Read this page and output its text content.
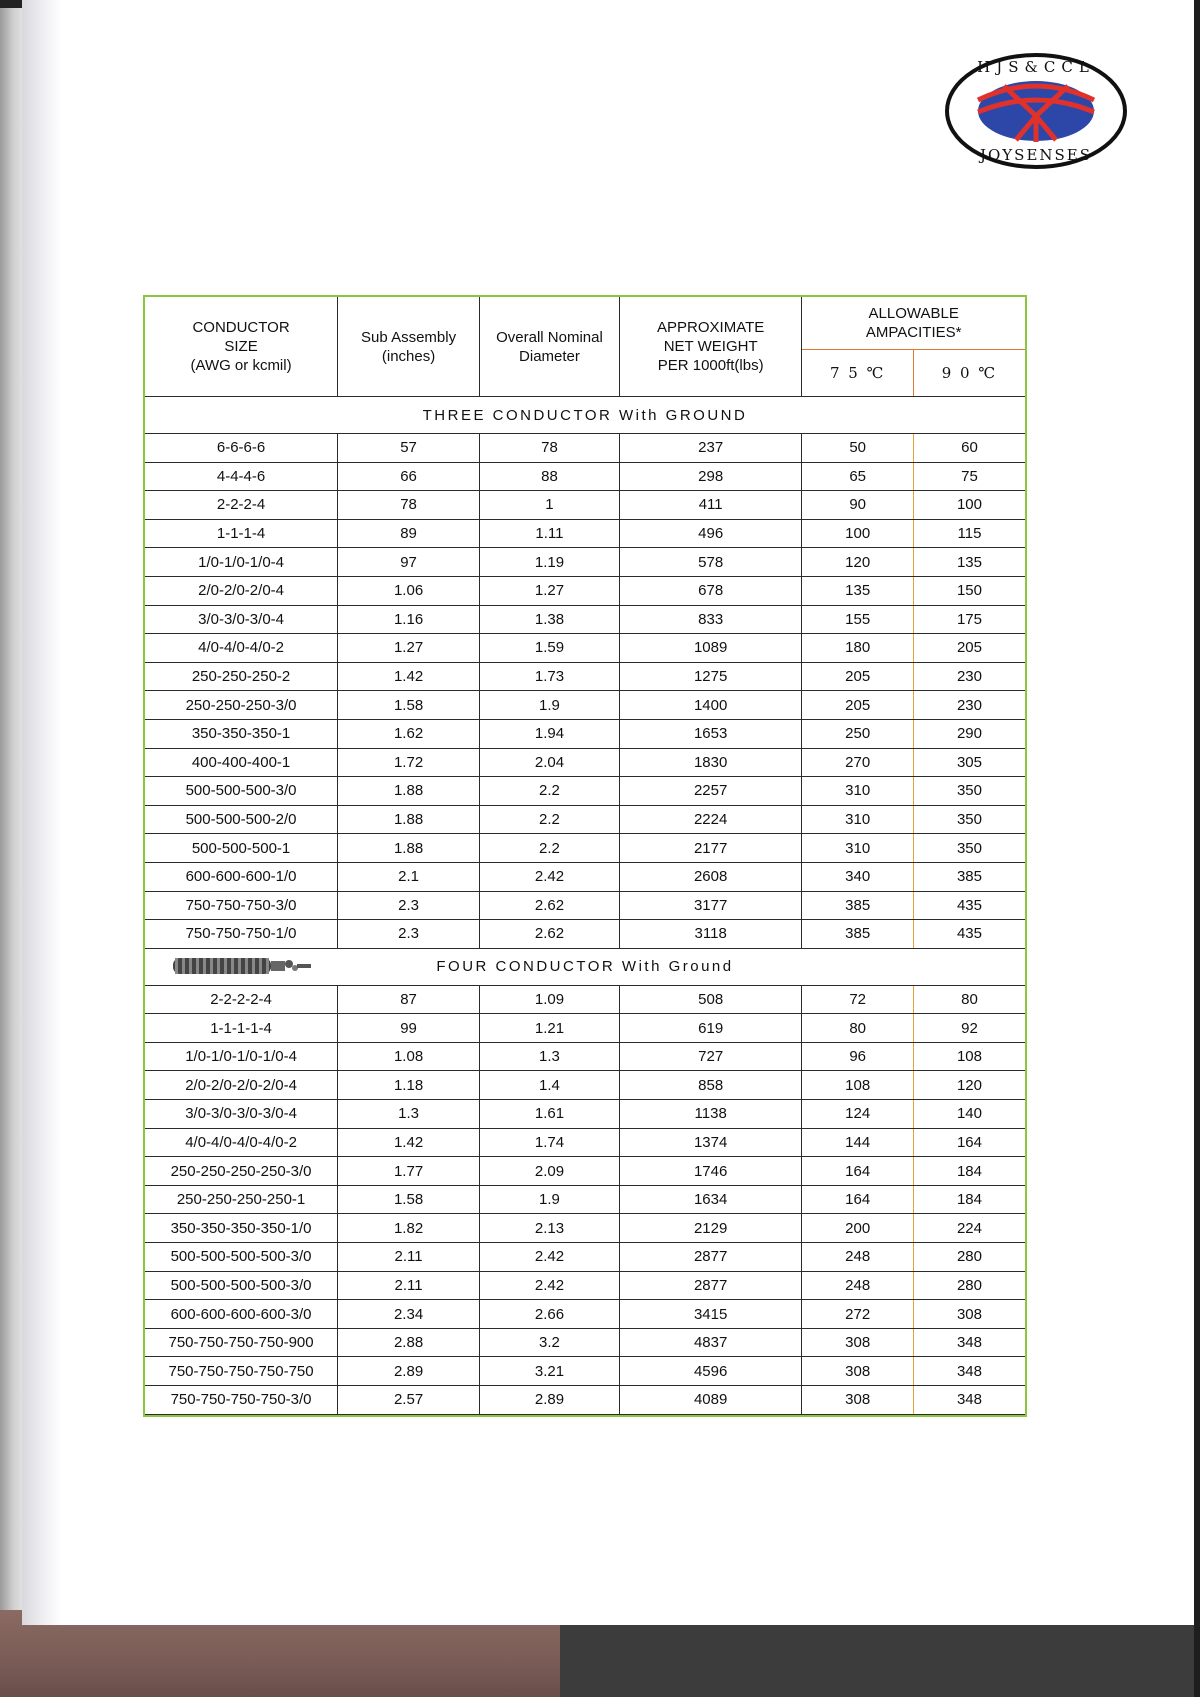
HJS&CCL
JOYSENSES
CONDUCTOR
SIZE
(AWG or kcmil)

Sub Assembly
(inches)

Overall Nominal
Diameter

APPROXIMATE
NET WEIGHT
PER 1000ft(lbs)

ALLOWABLE
AMPACITIES*

				7 5 ℃	9 0 ℃
THREE CONDUCTOR With GROUND					
6-6-6-6	57	78	237	50	60
4-4-4-6	66	88	298	65	75
2-2-2-4	78	1	411	90	100
1-1-1-4	89	1.11	496	100	115
1/0-1/0-1/0-4	97	1.19	578	120	135
2/0-2/0-2/0-4	1.06	1.27	678	135	150
3/0-3/0-3/0-4	1.16	1.38	833	155	175
4/0-4/0-4/0-2	1.27	1.59	1089	180	205
250-250-250-2	1.42	1.73	1275	205	230
250-250-250-3/0	1.58	1.9	1400	205	230
350-350-350-1	1.62	1.94	1653	250	290
400-400-400-1	1.72	2.04	1830	270	305
500-500-500-3/0	1.88	2.2	2257	310	350
500-500-500-2/0	1.88	2.2	2224	310	350
500-500-500-1	1.88	2.2	2177	310	350
600-600-600-1/0	2.1	2.42	2608	340	385
750-750-750-3/0	2.3	2.62	3177	385	435
750-750-750-1/0	2.3	2.62	3118	385	435

FOUR CONDUCTOR With Ground					
2-2-2-2-4	87	1.09	508	72	80
1-1-1-1-4	99	1.21	619	80	92
1/0-1/0-1/0-1/0-4	1.08	1.3	727	96	108
2/0-2/0-2/0-2/0-4	1.18	1.4	858	108	120
3/0-3/0-3/0-3/0-4	1.3	1.61	1138	124	140
4/0-4/0-4/0-4/0-2	1.42	1.74	1374	144	164
250-250-250-250-3/0	1.77	2.09	1746	164	184
250-250-250-250-1	1.58	1.9	1634	164	184
350-350-350-350-1/0	1.82	2.13	2129	200	224
500-500-500-500-3/0	2.11	2.42	2877	248	280
500-500-500-500-3/0	2.11	2.42	2877	248	280
600-600-600-600-3/0	2.34	2.66	3415	272	308
750-750-750-750-900	2.88	3.2	4837	308	348
750-750-750-750-750	2.89	3.21	4596	308	348
750-750-750-750-3/0	2.57	2.89	4089	308	348
